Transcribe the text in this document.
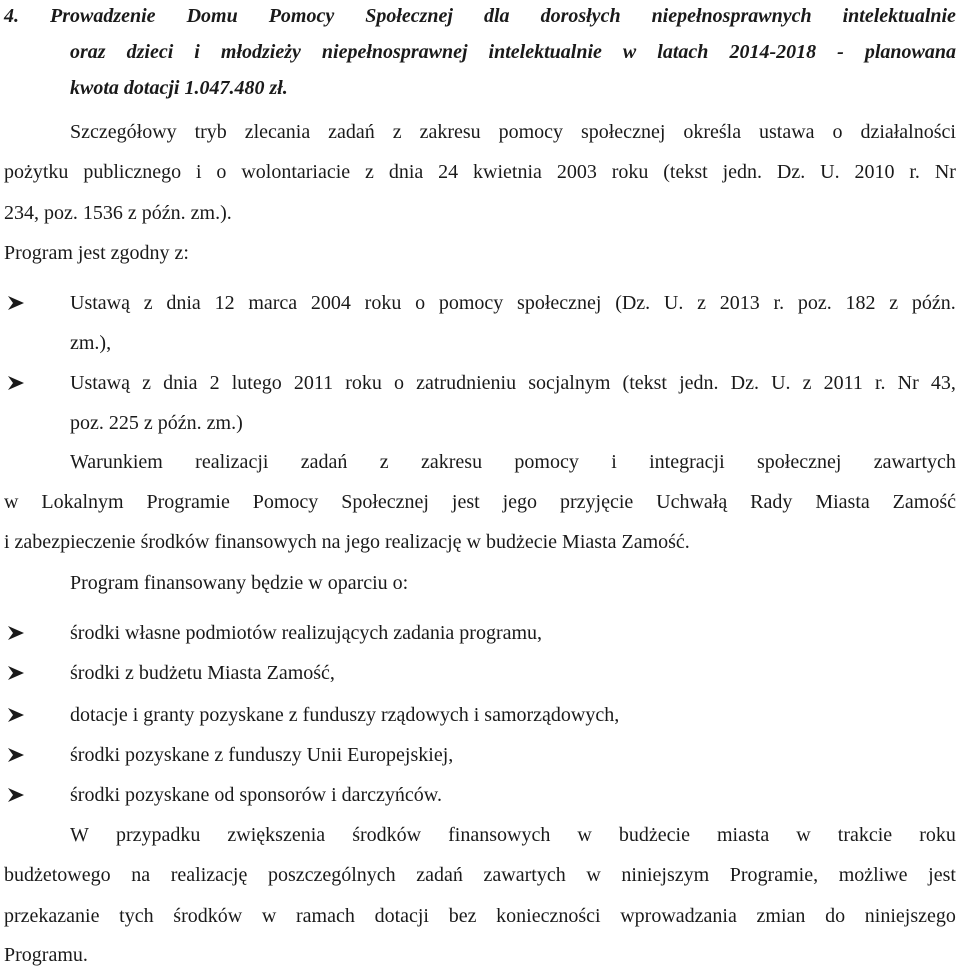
4. Prowadzenie Domu Pomocy Społecznej dla dorosłych niepełnosprawnych intelektualnie
oraz dzieci i młodzieży niepełnosprawnej intelektualnie w latach 2014-2018 - planowana
kwota dotacji 1.047.480 zł.
Szczegółowy tryb zlecania zadań z zakresu pomocy społecznej określa ustawa o działalności
pożytku publicznego i o wolontariacie z dnia 24 kwietnia 2003 roku (tekst jedn. Dz. U. 2010 r. Nr
234, poz. 1536 z późn. zm.).
Program jest zgodny z:
Ustawą z dnia 12 marca 2004 roku o pomocy społecznej (Dz. U. z 2013 r. poz. 182 z późn.
zm.),
Ustawą z dnia 2 lutego 2011 roku o zatrudnieniu socjalnym (tekst jedn. Dz. U. z 2011 r. Nr 43,
poz. 225 z późn. zm.)
Warunkiem realizacji zadań z zakresu pomocy i integracji społecznej zawartych
w Lokalnym Programie Pomocy Społecznej jest jego przyjęcie Uchwałą Rady Miasta Zamość
i zabezpieczenie środków finansowych na jego realizację w budżecie Miasta Zamość.
Program finansowany będzie w oparciu o:
środki własne podmiotów realizujących zadania programu,
środki z budżetu Miasta Zamość,
dotacje i granty pozyskane z funduszy rządowych i samorządowych,
środki pozyskane z funduszy Unii Europejskiej,
środki pozyskane od sponsorów i darczyńców.
W przypadku zwiększenia środków finansowych w budżecie miasta w trakcie roku
budżetowego na realizację poszczególnych zadań zawartych w niniejszym Programie, możliwe jest
przekazanie tych środków w ramach dotacji bez konieczności wprowadzania zmian do niniejszego
Programu.
